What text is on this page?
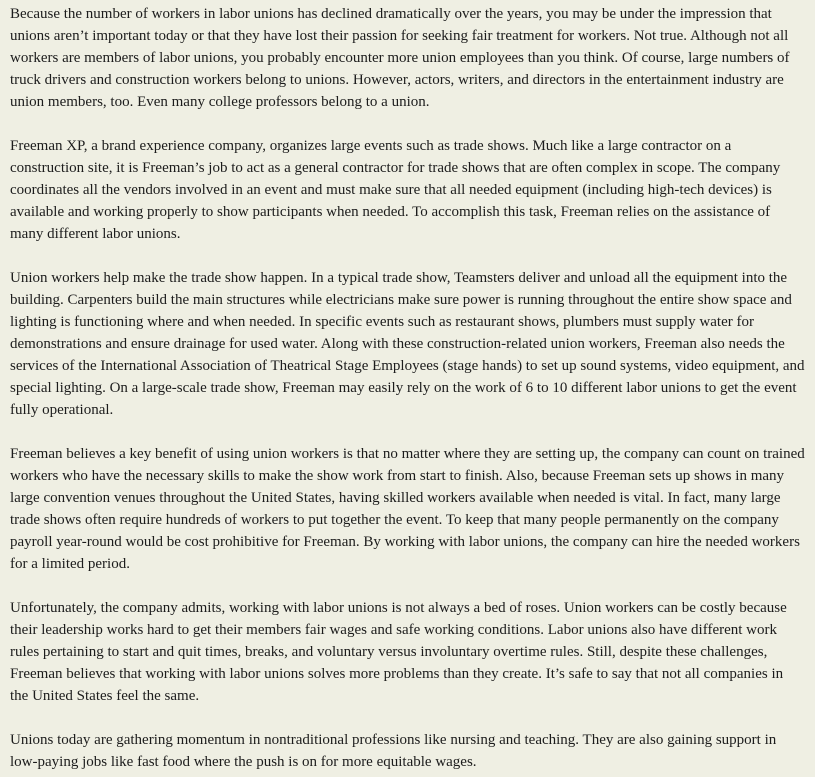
Because the number of workers in labor unions has declined dramatically over the years, you may be under the impression that unions aren’t important today or that they have lost their passion for seeking fair treatment for workers. Not true. Although not all workers are members of labor unions, you probably encounter more union employees than you think. Of course, large numbers of truck drivers and construction workers belong to unions. However, actors, writers, and directors in the entertainment industry are union members, too. Even many college professors belong to a union.

Freeman XP, a brand experience company, organizes large events such as trade shows. Much like a large contractor on a construction site, it is Freeman’s job to act as a general contractor for trade shows that are often complex in scope. The company coordinates all the vendors involved in an event and must make sure that all needed equipment (including high-tech devices) is available and working properly to show participants when needed. To accomplish this task, Freeman relies on the assistance of many different labor unions.

Union workers help make the trade show happen. In a typical trade show, Teamsters deliver and unload all the equipment into the building. Carpenters build the main structures while electricians make sure power is running throughout the entire show space and lighting is functioning where and when needed. In specific events such as restaurant shows, plumbers must supply water for demonstrations and ensure drainage for used water. Along with these construction-related union workers, Freeman also needs the services of the International Association of Theatrical Stage Employees (stage hands) to set up sound systems, video equipment, and special lighting. On a large-scale trade show, Freeman may easily rely on the work of 6 to 10 different labor unions to get the event fully operational.

Freeman believes a key benefit of using union workers is that no matter where they are setting up, the company can count on trained workers who have the necessary skills to make the show work from start to finish. Also, because Freeman sets up shows in many large convention venues throughout the United States, having skilled workers available when needed is vital. In fact, many large trade shows often require hundreds of workers to put together the event. To keep that many people permanently on the company payroll year-round would be cost prohibitive for Freeman. By working with labor unions, the company can hire the needed workers for a limited period.

Unfortunately, the company admits, working with labor unions is not always a bed of roses. Union workers can be costly because their leadership works hard to get their members fair wages and safe working conditions. Labor unions also have different work rules pertaining to start and quit times, breaks, and voluntary versus involuntary overtime rules. Still, despite these challenges, Freeman believes that working with labor unions solves more problems than they create. It’s safe to say that not all companies in the United States feel the same.

Unions today are gathering momentum in nontraditional professions like nursing and teaching. They are also gaining support in low-paying jobs like fast food where the push is on for more equitable wages.
